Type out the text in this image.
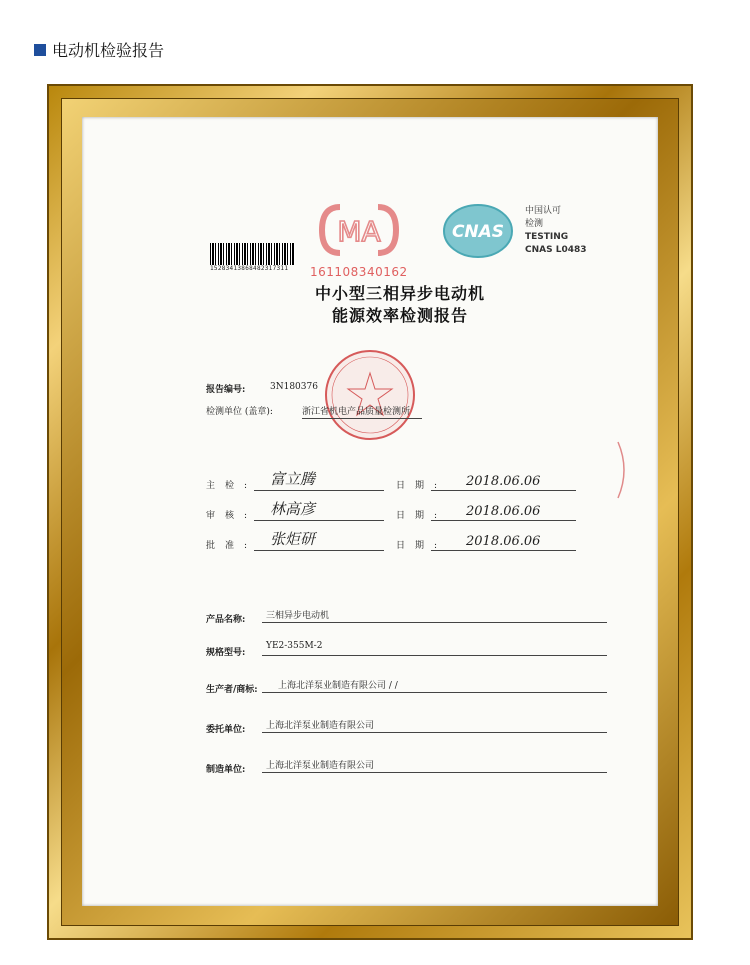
电动机检验报告
15283413868482317311
MA
161108340162
CNAS
中国认可
检测
TESTING
CNAS L0483
中小型三相异步电动机
能源效率检测报告
报告编号:	3N180376
检测单位 (盖章):	浙江省机电产品质量检测所
主检: 富立腾	日期: 2018.06.06
审核: 林高彦	日期: 2018.06.06
批准: 张炬研	日期: 2018.06.06
产品名称: 三相异步电动机
规格型号:
YE2-355M-2
生产者/商标: 上海北洋泵业制造有限公司 / /
委托单位: 上海北洋泵业制造有限公司
制造单位: 上海北洋泵业制造有限公司
